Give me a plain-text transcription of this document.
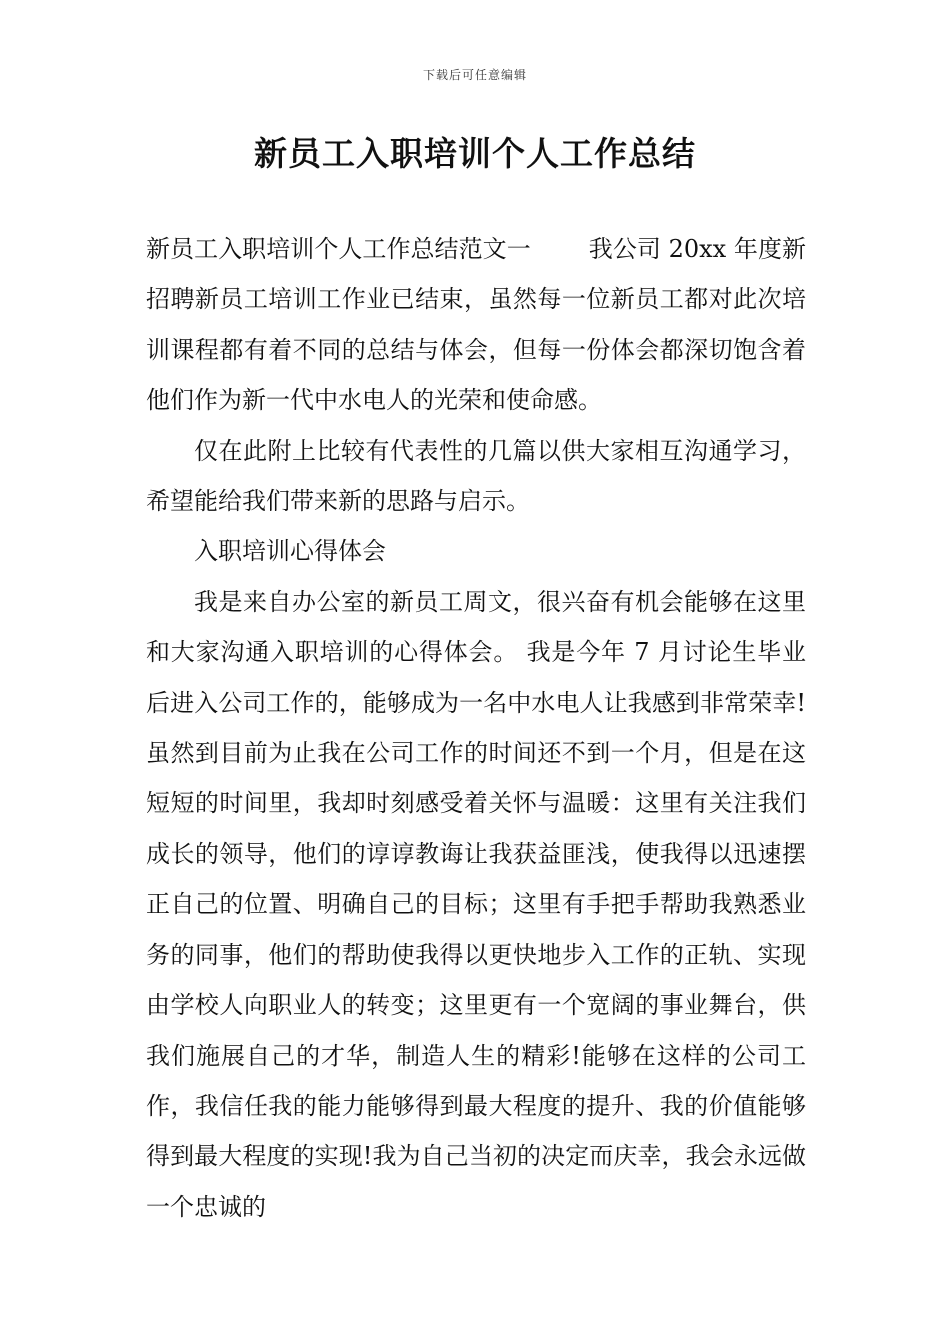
下载后可任意编辑
新员工入职培训个人工作总结

新员工入职培训个人工作总结范文一 我公司 20xx 年度新招聘新员工培训工作业已结束，虽然每一位新员工都对此次培训课程都有着不同的总结与体会，但每一份体会都深切饱含着他们作为新一代中水电人的光荣和使命感。

仅在此附上比较有代表性的几篇以供大家相互沟通学习，希望能给我们带来新的思路与启示。

入职培训心得体会

我是来自办公室的新员工周文，很兴奋有机会能够在这里和大家沟通入职培训的心得体会。 我是今年 7 月讨论生毕业后进入公司工作的，能够成为一名中水电人让我感到非常荣幸!虽然到目前为止我在公司工作的时间还不到一个月，但是在这短短的时间里，我却时刻感受着关怀与温暖：这里有关注我们成长的领导，他们的谆谆教诲让我获益匪浅，使我得以迅速摆正自己的位置、明确自己的目标；这里有手把手帮助我熟悉业务的同事，他们的帮助使我得以更快地步入工作的正轨、实现由学校人向职业人的转变；这里更有一个宽阔的事业舞台，供我们施展自己的才华，制造人生的精彩!能够在这样的公司工作，我信任我的能力能够得到最大程度的提升、我的价值能够得到最大程度的实现!我为自己当初的决定而庆幸，我会永远做一个忠诚的
